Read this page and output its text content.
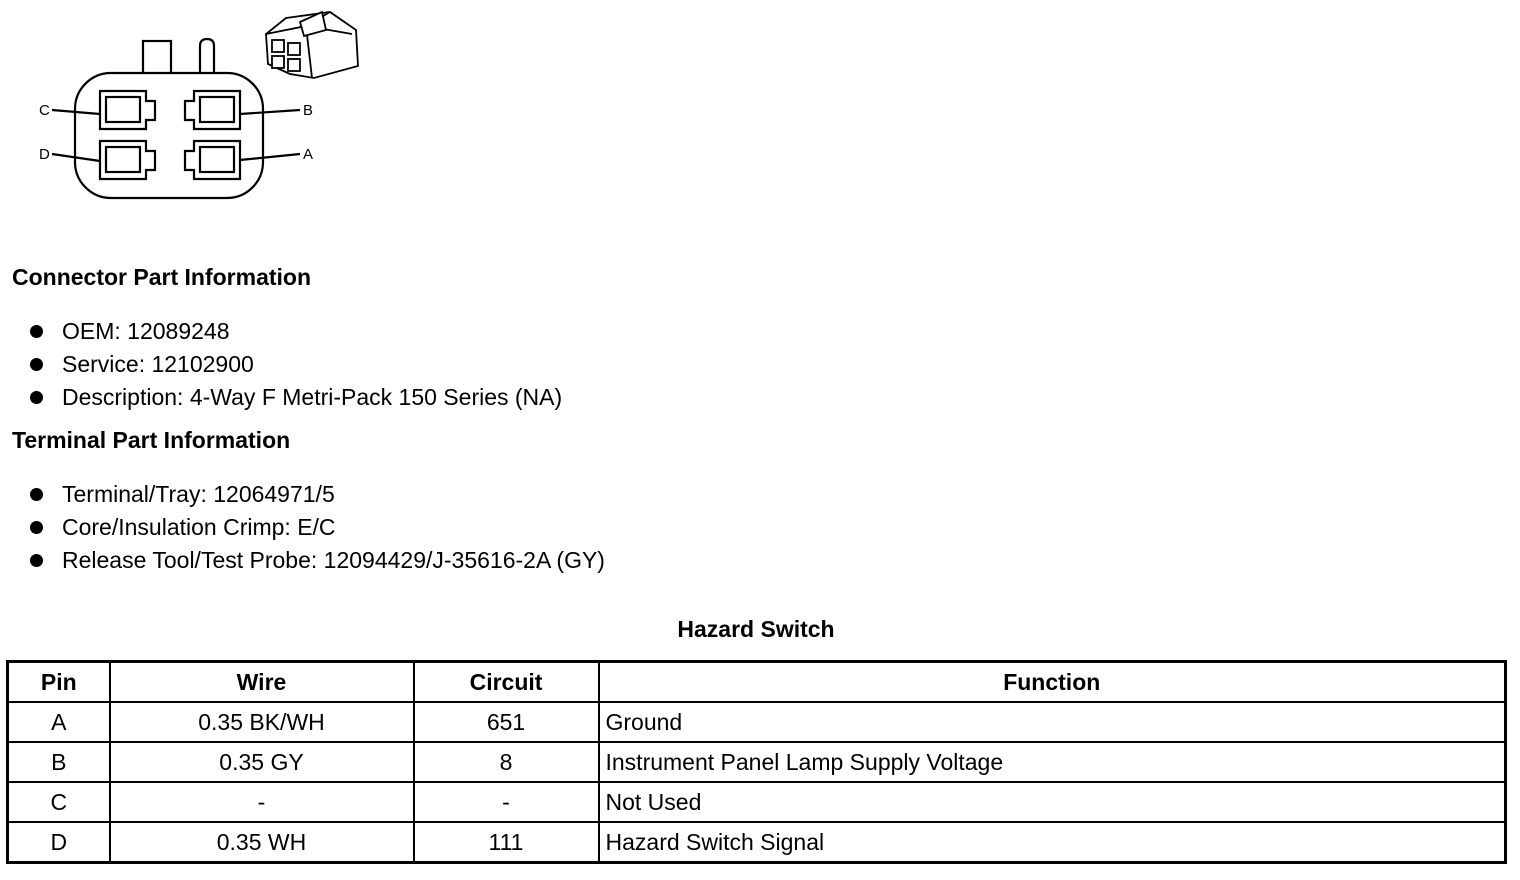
C
D
B
A
Connector Part Information
OEM: 12089248
Service: 12102900
Description: 4-Way F Metri-Pack 150 Series (NA)
Terminal Part Information
Terminal/Tray: 12064971/5
Core/Insulation Crimp: E/C
Release Tool/Test Probe: 12094429/J-35616-2A (GY)
Hazard Switch
Pin	Wire	Circuit	Function
A	0.35 BK/WH	651	Ground
B	0.35 GY	8	Instrument Panel Lamp Supply Voltage
C	-	-	Not Used
D	0.35 WH	111	Hazard Switch Signal
